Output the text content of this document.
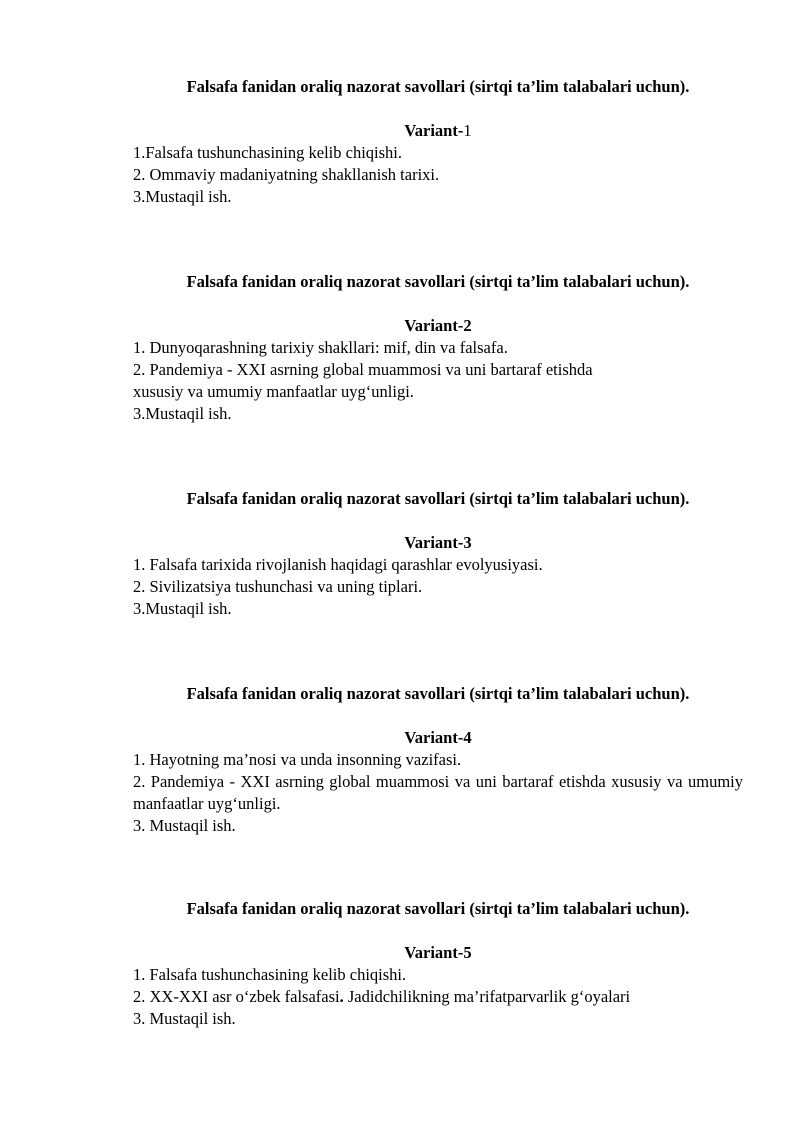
Falsafa fanidan oraliq nazorat savollari (sirtqi ta’lim talabalari uchun).

Variant-1

1.Falsafa tushunchasining kelib chiqishi.

2. Ommaviy madaniyatning shakllanish tarixi.

3.Mustaqil ish.

Falsafa fanidan oraliq nazorat savollari (sirtqi ta’lim talabalari uchun).

Variant-2

1. Dunyoqarashning tarixiy shakllari: mif, din va falsafa.

2. Pandemiya - XXI asrning global muammosi va uni bartaraf etishda

xususiy va umumiy manfaatlar uyg‘unligi.

3.Mustaqil ish.

Falsafa fanidan oraliq nazorat savollari (sirtqi ta’lim talabalari uchun).

Variant-3

1. Falsafa tarixida rivojlanish haqidagi qarashlar evolyusiyasi.

2. Sivilizatsiya tushunchasi va uning tiplari.

3.Mustaqil ish.

Falsafa fanidan oraliq nazorat savollari (sirtqi ta’lim talabalari uchun).

Variant-4

1. Hayotning ma’nosi va unda insonning vazifasi.

2. Pandemiya - XXI asrning global muammosi va uni bartaraf etishda xususiy va umumiy manfaatlar uyg‘unligi.

3. Mustaqil ish.

Falsafa fanidan oraliq nazorat savollari (sirtqi ta’lim talabalari uchun).

Variant-5

1. Falsafa tushunchasining kelib chiqishi.

2. XX-XXI asr o‘zbek falsafasi. Jadidchilikning ma’rifatparvarlik g‘oyalari

3. Mustaqil ish.
